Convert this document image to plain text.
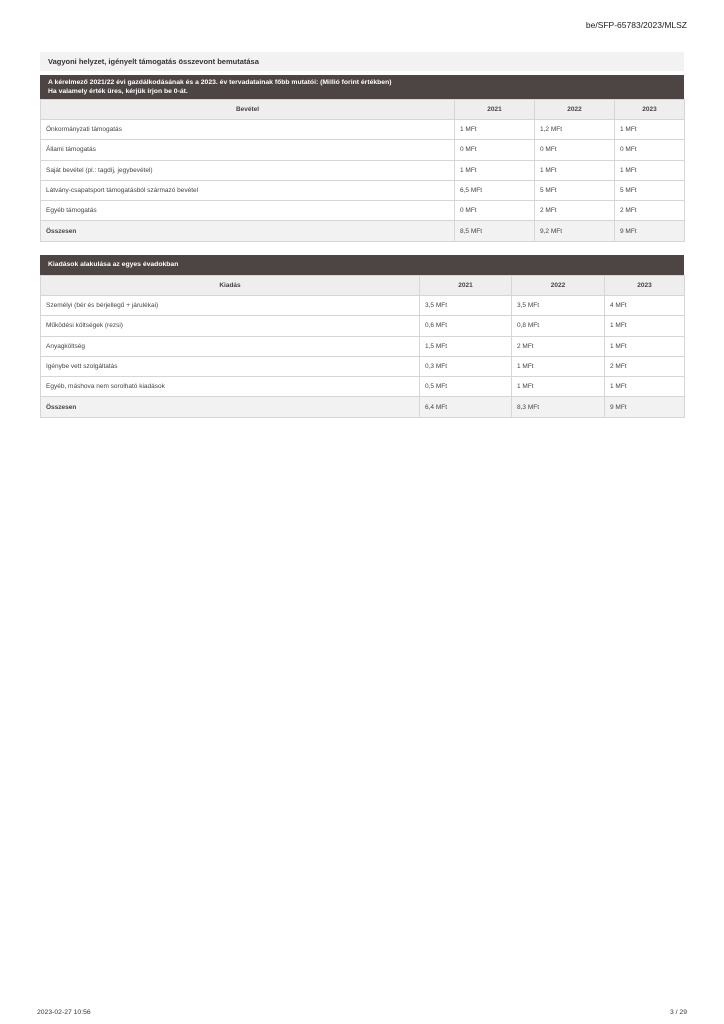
be/SFP-65783/2023/MLSZ
Vagyoni helyzet, igényelt támogatás összevont bemutatása
A kérelmező 2021/22 évi gazdálkodásának és a 2023. év tervadatainak főbb mutatói: (Millió forint értékben)
Ha valamely érték üres, kérjük írjon be 0-át.
Bevétel	2021	2022	2023
Önkormányzati támogatás	1 MFt	1,2 MFt	1 MFt
Állami támogatás	0 MFt	0 MFt	0 MFt
Saját bevétel (pl.: tagdíj, jegybevétel)	1 MFt	1 MFt	1 MFt
Látvány-csapatsport támogatásból származó bevétel	6,5 MFt	5 MFt	5 MFt
Egyéb támogatás	0 MFt	2 MFt	2 MFt
Összesen	8,5 MFt	9,2 MFt	9 MFt
Kiadások alakulása az egyes évadokban
Kiadás	2021	2022	2023
Személyi (bér és bérjellegű + járulékai)	3,5 MFt	3,5 MFt	4 MFt
Működési költségek (rezsi)	0,6 MFt	0,8 MFt	1 MFt
Anyagköltség	1,5 MFt	2 MFt	1 MFt
Igénybe vett szolgáltatás	0,3 MFt	1 MFt	2 MFt
Egyéb, máshova nem sorolható kiadások	0,5 MFt	1 MFt	1 MFt
Összesen	6,4 MFt	8,3 MFt	9 MFt
2023-02-27 10:56	3 / 29
